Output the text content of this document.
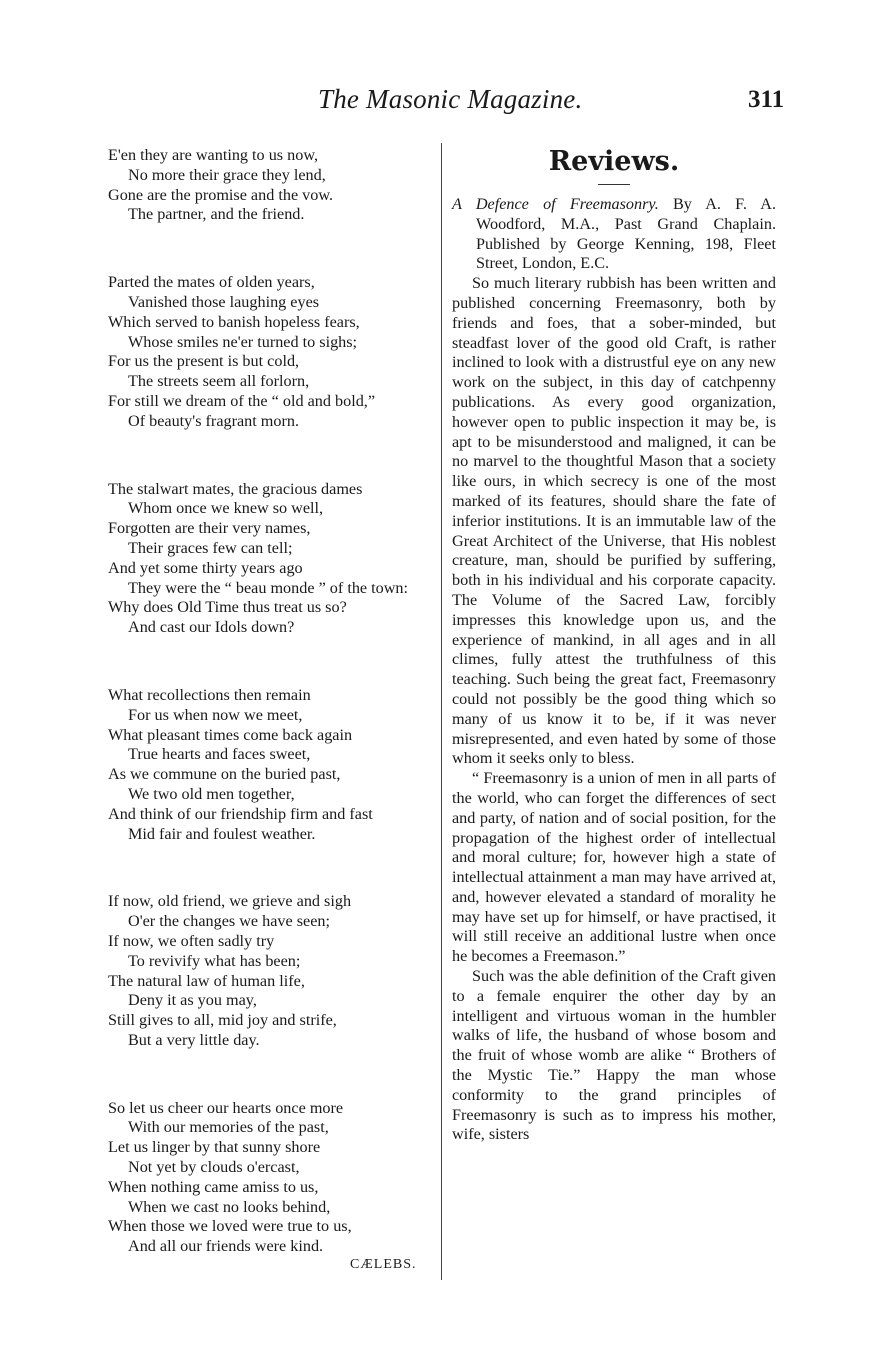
The Masonic Magazine.	311
E'en they are wanting to us now,
No more their grace they lend,
Gone are the promise and the vow.
The partner, and the friend.
Parted the mates of olden years,
Vanished those laughing eyes
Which served to banish hopeless fears,
Whose smiles ne'er turned to sighs;
For us the present is but cold,
The streets seem all forlorn,
For still we dream of the “ old and bold,”
Of beauty's fragrant morn.
The stalwart mates, the gracious dames
Whom once we knew so well,
Forgotten are their very names,
Their graces few can tell;
And yet some thirty years ago
They were the “ beau monde ” of the town:
Why does Old Time thus treat us so?
And cast our Idols down?
What recollections then remain
For us when now we meet,
What pleasant times come back again
True hearts and faces sweet,
As we commune on the buried past,
We two old men together,
And think of our friendship firm and fast
Mid fair and foulest weather.
If now, old friend, we grieve and sigh
O'er the changes we have seen;
If now, we often sadly try
To revivify what has been;
The natural law of human life,
Deny it as you may,
Still gives to all, mid joy and strife,
But a very little day.
So let us cheer our hearts once more
With our memories of the past,
Let us linger by that sunny shore
Not yet by clouds o'ercast,
When nothing came amiss to us,
When we cast no looks behind,
When those we loved were true to us,
And all our friends were kind.
CÆLEBS.
Reviews.

A Defence of Freemasonry. By A. F. A. Woodford, M.A., Past Grand Chaplain. Published by George Kenning, 198, Fleet Street, London, E.C.

So much literary rubbish has been written and published concerning Freemasonry, both by friends and foes, that a sober-minded, but steadfast lover of the good old Craft, is rather inclined to look with a distrustful eye on any new work on the subject, in this day of catchpenny publications. As every good organization, however open to public inspection it may be, is apt to be misunderstood and maligned, it can be no marvel to the thoughtful Mason that a society like ours, in which secrecy is one of the most marked of its features, should share the fate of inferior institutions. It is an immutable law of the Great Architect of the Universe, that His noblest creature, man, should be purified by suffering, both in his individual and his corporate capacity. The Volume of the Sacred Law, forcibly impresses this knowledge upon us, and the experience of mankind, in all ages and in all climes, fully attest the truthfulness of this teaching. Such being the great fact, Freemasonry could not possibly be the good thing which so many of us know it to be, if it was never misrepresented, and even hated by some of those whom it seeks only to bless.

“ Freemasonry is a union of men in all parts of the world, who can forget the differences of sect and party, of nation and of social position, for the propagation of the highest order of intellectual and moral culture; for, however high a state of intellectual attainment a man may have arrived at, and, however elevated a standard of morality he may have set up for himself, or have practised, it will still receive an additional lustre when once he becomes a Freemason.”

Such was the able definition of the Craft given to a female enquirer the other day by an intelligent and virtuous woman in the humbler walks of life, the husband of whose bosom and the fruit of whose womb are alike “ Brothers of the Mystic Tie.” Happy the man whose conformity to the grand principles of Freemasonry is such as to impress his mother, wife, sisters
